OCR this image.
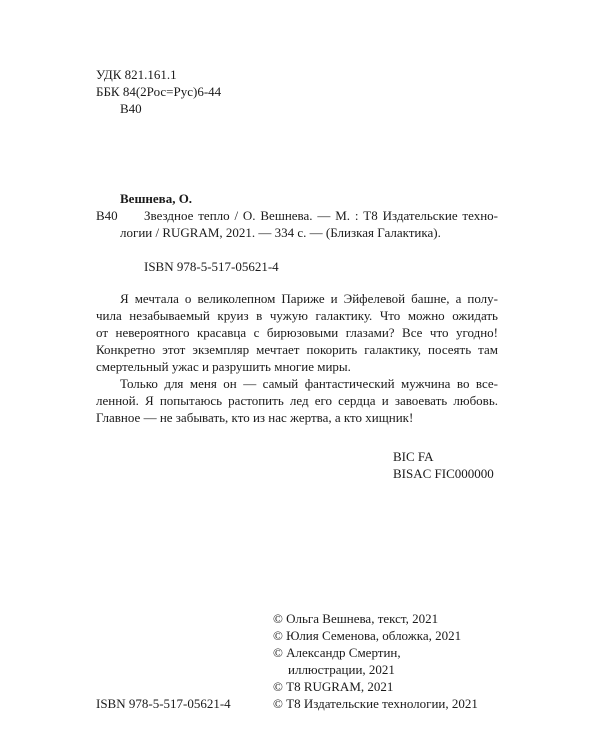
УДК 821.161.1
ББК 84(2Рос=Рус)6-44
В40
Вешнева, О.
В40 Звездное тепло / О. Вешнева. — М. : Т8 Издательские техно-
логии / RUGRAM, 2021. — 334 с. — (Близкая Галактика).
ISBN 978-5-517-05621-4
Я мечтала о великолепном Париже и Эйфелевой башне, а полу-
чила незабываемый круиз в чужую галактику. Что можно ожидать
от невероятного красавца с бирюзовыми глазами? Все что угодно!
Конкретно этот экземпляр мечтает покорить галактику, посеять там
смертельный ужас и разрушить многие миры.
Только для меня он — самый фантастический мужчина во все-
ленной. Я попытаюсь растопить лед его сердца и завоевать любовь.
Главное — не забывать, кто из нас жертва, а кто хищник!
BIC FA
BISAC FIC000000
ISBN 978-5-517-05621-4
© Ольга Вешнева, текст, 2021
© Юлия Семенова, обложка, 2021
© Александр Смертин,
иллюстрации, 2021
© Т8 RUGRAM, 2021
© Т8 Издательские технологии, 2021
